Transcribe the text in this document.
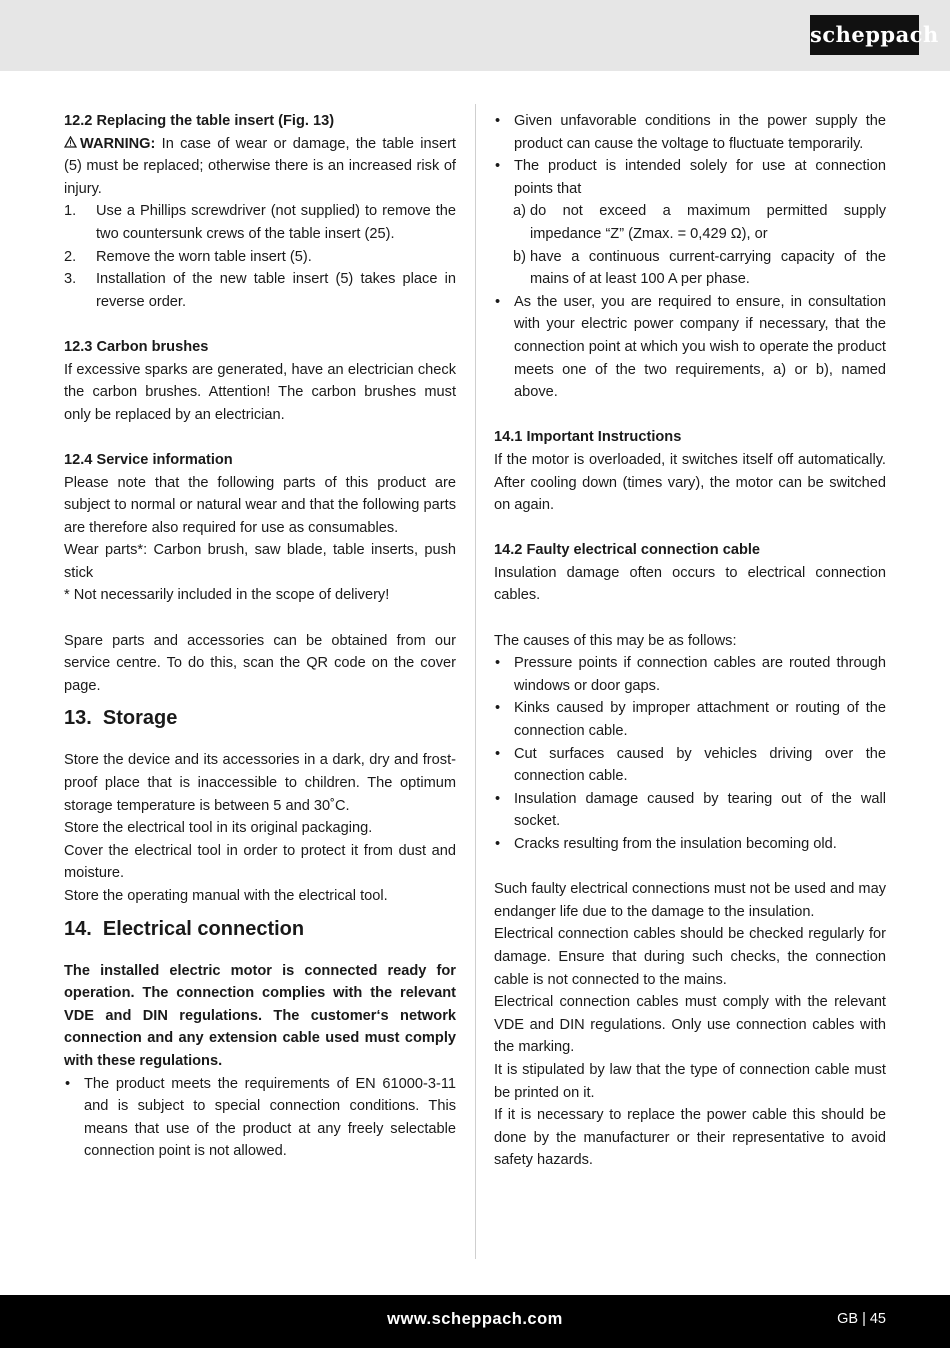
scheppach

12.2 Replacing the table insert (Fig. 13)

WARNING: In case of wear or damage, the table insert (5) must be replaced; otherwise there is an increased risk of injury.

1.	Use a Phillips screwdriver (not supplied) to remove the two countersunk crews of the table insert (25).
2.	Remove the worn table insert (5).
3.	Installation of the new table insert (5) takes place in reverse order.

12.3 Carbon brushes

If excessive sparks are generated, have an electrician check the carbon brushes. Attention! The carbon brushes must only be replaced by an electrician.

12.4 Service information

Please note that the following parts of this product are subject to normal or natural wear and that the following parts are therefore also required for use as consumables.

Wear parts*: Carbon brush, saw blade, table inserts, push stick

* Not necessarily included in the scope of delivery!

Spare parts and accessories can be obtained from our service centre. To do this, scan the QR code on the cover page.

13.  Storage

Store the device and its accessories in a dark, dry and frost-proof place that is inaccessible to children. The optimum storage temperature is between 5 and 30˚C.

Store the electrical tool in its original packaging.

Cover the electrical tool in order to protect it from dust and moisture.

Store the operating manual with the electrical tool.

14.  Electrical connection

The installed electric motor is connected ready for operation. The connection complies with the relevant VDE and DIN regulations. The customer‘s network connection and any extension cable used must comply with these regulations.

• The product meets the requirements of EN 61000-3-11 and is subject to special connection conditions. This means that use of the product at any freely selectable connection point is not allowed.
• Given unfavorable conditions in the power supply the product can cause the voltage to fluctuate temporarily.
• The product is intended solely for use at connection points that
a) do not exceed a maximum permitted supply impedance “Z” (Zmax. = 0,429 Ω), or
b) have a continuous current-carrying capacity of the mains of at least 100 A per phase.
• As the user, you are required to ensure, in consultation with your electric power company if necessary, that the connection point at which you wish to operate the product meets one of the two requirements, a) or b), named above.

14.1 Important Instructions

If the motor is overloaded, it switches itself off automatically. After cooling down (times vary), the motor can be switched on again.

14.2 Faulty electrical connection cable

Insulation damage often occurs to electrical connection cables.

The causes of this may be as follows:

• Pressure points if connection cables are routed through windows or door gaps.
• Kinks caused by improper attachment or routing of the connection cable.
• Cut surfaces caused by vehicles driving over the connection cable.
• Insulation damage caused by tearing out of the wall socket.
• Cracks resulting from the insulation becoming old.

Such faulty electrical connections must not be used and may endanger life due to the damage to the insulation.

Electrical connection cables should be checked regularly for damage. Ensure that during such checks, the connection cable is not connected to the mains.

Electrical connection cables must comply with the relevant VDE and DIN regulations. Only use connection cables with the marking.

It is stipulated by law that the type of connection cable must be printed on it.

If it is necessary to replace the power cable this should be done by the manufacturer or their representative to avoid safety hazards.

www.scheppach.com	GB | 45
